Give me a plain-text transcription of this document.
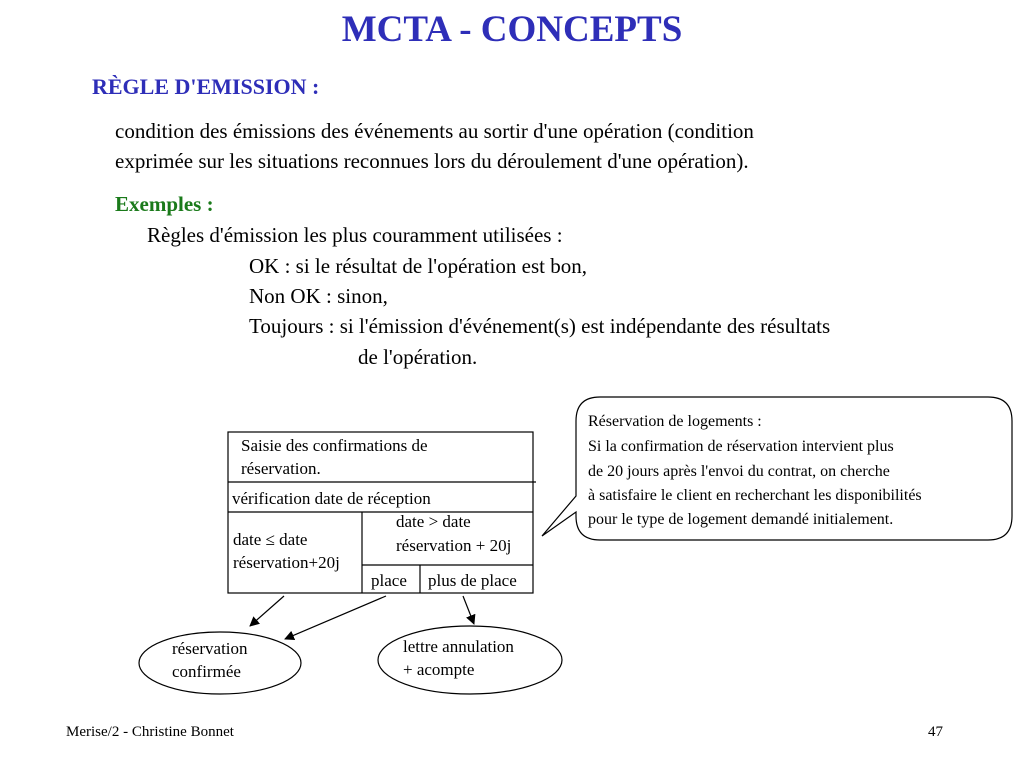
MCTA - CONCEPTS
RÈGLE D'EMISSION :
condition des émissions des événements au sortir d'une opération (condition
exprimée sur les situations reconnues lors du déroulement d'une opération).
Exemples :
Règles d'émission les plus couramment utilisées :
OK : si le résultat de l'opération est bon,
Non OK : sinon,
Toujours : si l'émission d'événement(s) est indépendante des résultats
de l'opération.
Saisie des confirmations de
réservation.
vérification date de réception
date ≤ date
réservation+20j
date > date
réservation + 20j
place plus de place
réservation
confirmée
lettre annulation
+ acompte
Réservation de logements :
Si la confirmation de réservation intervient plus
de 20 jours après l'envoi du contrat, on cherche
à satisfaire le client en recherchant les disponibilités
pour le type de logement demandé initialement.
Merise/2 - Christine Bonnet	47
